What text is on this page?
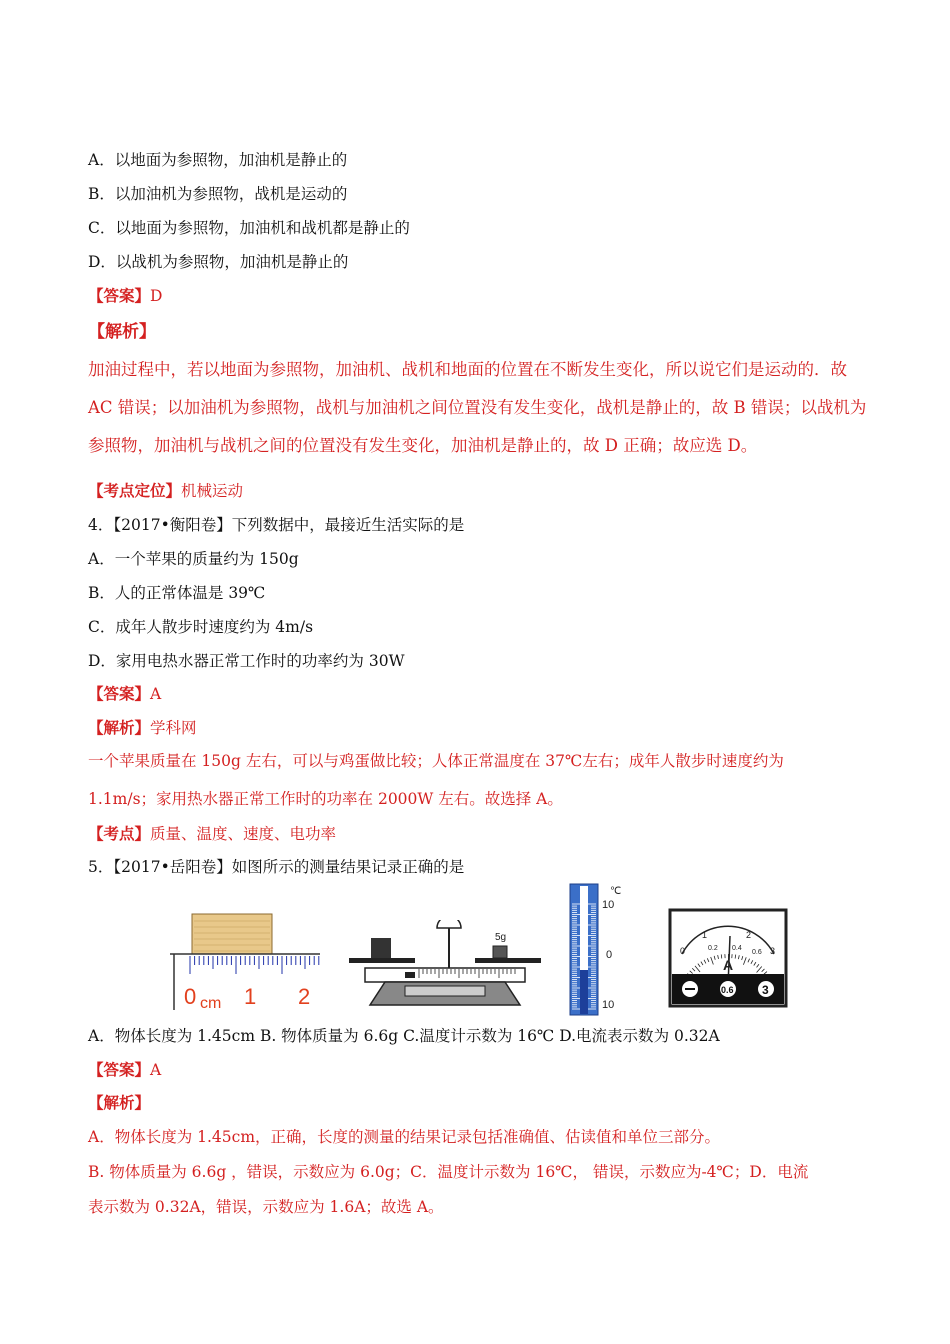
A．以地面为参照物，加油机是静止的
B．以加油机为参照物，战机是运动的
C．以地面为参照物，加油机和战机都是静止的
D．以战机为参照物，加油机是静止的
【答案】D
【解析】
加油过程中，若以地面为参照物，加油机、战机和地面的位置在不断发生变化，所以说它们是运动的．故
AC 错误；以加油机为参照物，战机与加油机之间位置没有发生变化，战机是静止的，故 B 错误；以战机为
参照物，加油机与战机之间的位置没有发生变化，加油机是静止的，故 D 正确；故应选 D。
【考点定位】机械运动
4．【2017•衡阳卷】下列数据中，最接近生活实际的是
A．一个苹果的质量约为 150g
B．人的正常体温是 39℃
C．成年人散步时速度约为 4m/s
D．家用电热水器正常工作时的功率约为 30W
【答案】A
【解析】学科网
一个苹果质量在 150g 左右，可以与鸡蛋做比较；人体正常温度在 37℃左右；成年人散步时速度约为
1.1m/s；家用热水器正常工作时的功率在 2000W 左右。故选择 A。
【考点】质量、温度、速度、电功率
5．【2017•岳阳卷】如图所示的测量结果记录正确的是
0 cm 1 2
5g
℃
10
0
10
1	2
0	3
0.2 0.4
0.6
A
0.6 3
A．物体长度为 1.45cm B. 物体质量为 6.6g C.温度计示数为 16℃ D.电流表示数为 0.32A
【答案】A
【解析】
A．物体长度为 1.45cm，正确，长度的测量的结果记录包括准确值、估读值和单位三部分。
B. 物体质量为 6.6g ，错误，示数应为 6.0g；C．温度计示数为 16℃， 错误，示数应为-4℃；D．电流
表示数为 0.32A，错误，示数应为 1.6A；故选 A。
